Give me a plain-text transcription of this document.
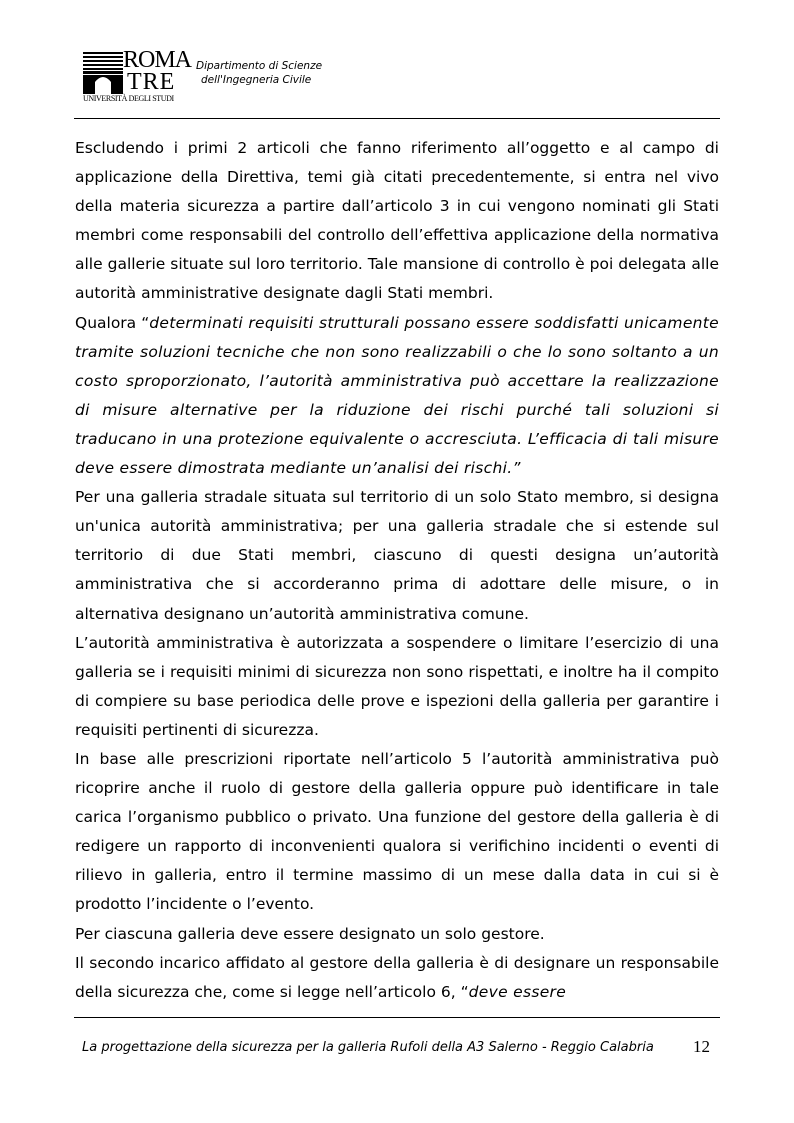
ROMA
TRE
UNIVERSITÀ DEGLI STUDI
Dipartimento di Scienze
dell'Ingegneria Civile

Escludendo i primi 2 articoli che fanno riferimento all’oggetto e al campo di applicazione della Direttiva, temi già citati precedentemente, si entra nel vivo della materia sicurezza a partire dall’articolo 3 in cui vengono nominati gli Stati membri come responsabili del controllo dell’effettiva applicazione della normativa alle gallerie situate sul loro territorio. Tale mansione di controllo è poi delegata alle autorità amministrative designate dagli Stati membri.

Qualora “determinati requisiti strutturali possano essere soddisfatti unicamente tramite soluzioni tecniche che non sono realizzabili o che lo sono soltanto a un costo sproporzionato, l’autorità amministrativa può accettare la realizzazione di misure alternative per la riduzione dei rischi purché tali soluzioni si traducano in una protezione equivalente o accresciuta. L’efficacia di tali misure deve essere dimostrata mediante un’analisi dei rischi.”

Per una galleria stradale situata sul territorio di un solo Stato membro, si designa un'unica autorità amministrativa; per una galleria stradale che si estende sul territorio di due Stati membri, ciascuno di questi designa un’autorità amministrativa che si accorderanno prima di adottare delle misure, o in alternativa designano un’autorità amministrativa comune.

L’autorità amministrativa è autorizzata a sospendere o limitare l’esercizio di una galleria se i requisiti minimi di sicurezza non sono rispettati, e inoltre ha il compito di compiere su base periodica delle prove e ispezioni della galleria per garantire i requisiti pertinenti di sicurezza.

In base alle prescrizioni riportate nell’articolo 5 l’autorità amministrativa può ricoprire anche il ruolo di gestore della galleria oppure può identificare in tale carica l’organismo pubblico o privato. Una funzione del gestore della galleria è di redigere un rapporto di inconvenienti qualora si verifichino incidenti o eventi di rilievo in galleria, entro il termine massimo di un mese dalla data in cui si è prodotto l’incidente o l’evento.

Per ciascuna galleria deve essere designato un solo gestore.

Il secondo incarico affidato al gestore della galleria è di designare un responsabile della sicurezza che, come si legge nell’articolo 6, “deve essere

La progettazione della sicurezza per la galleria Rufoli della A3 Salerno - Reggio Calabria	12
